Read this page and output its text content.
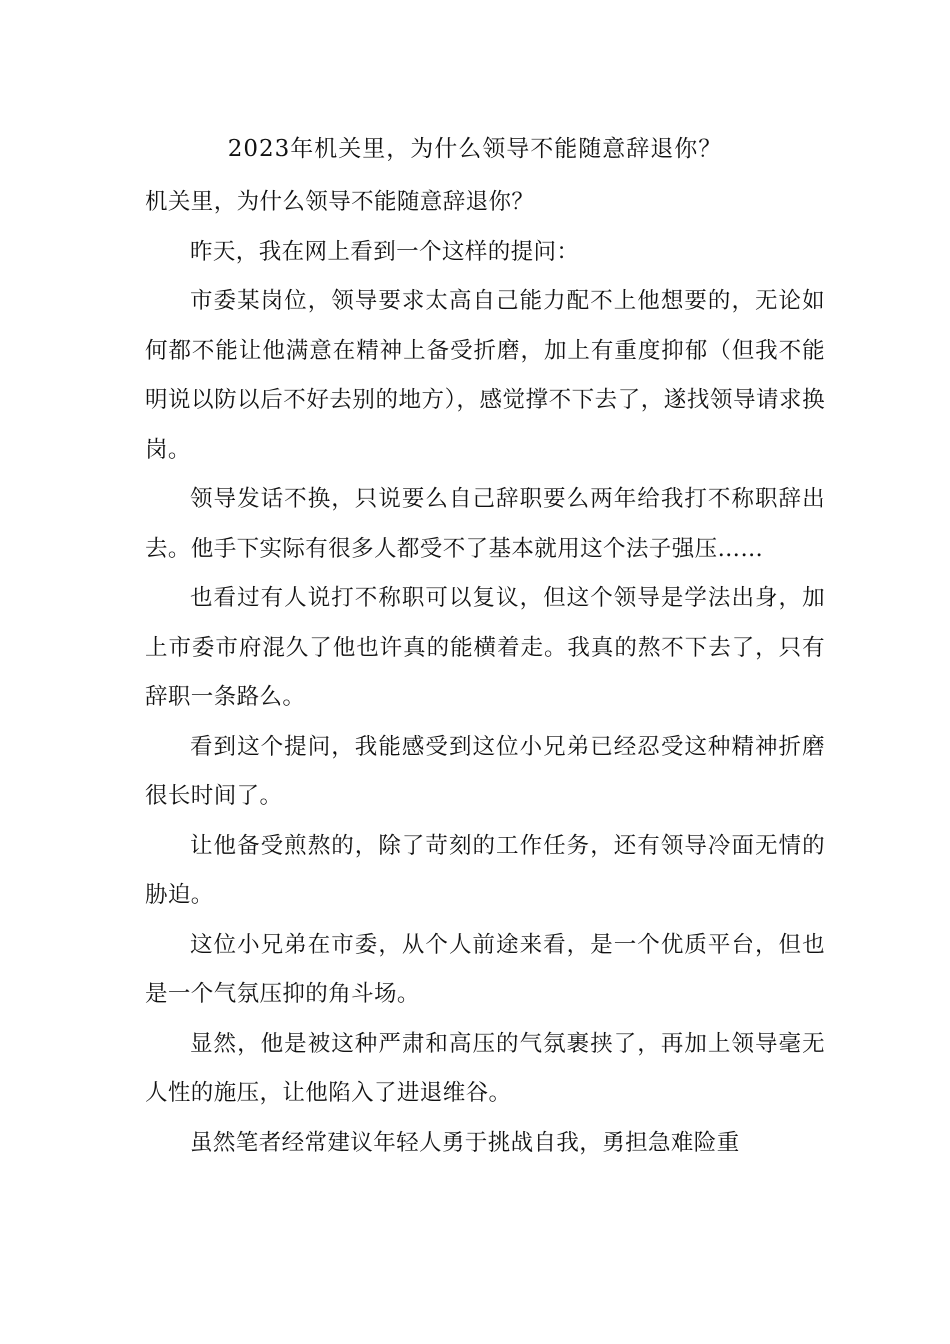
2023年机关里，为什么领导不能随意辞退你？

机关里，为什么领导不能随意辞退你？

昨天，我在网上看到一个这样的提问：

市委某岗位，领导要求太高自己能力配不上他想要的，无论如何都不能让他满意在精神上备受折磨，加上有重度抑郁（但我不能明说以防以后不好去别的地方），感觉撑不下去了，遂找领导请求换岗。

领导发话不换，只说要么自己辞职要么两年给我打不称职辞出去。他手下实际有很多人都受不了基本就用这个法子强压……

也看过有人说打不称职可以复议，但这个领导是学法出身，加上市委市府混久了他也许真的能横着走。我真的熬不下去了，只有辞职一条路么。

看到这个提问，我能感受到这位小兄弟已经忍受这种精神折磨很长时间了。

让他备受煎熬的，除了苛刻的工作任务，还有领导冷面无情的胁迫。

这位小兄弟在市委，从个人前途来看，是一个优质平台，但也是一个气氛压抑的角斗场。

显然，他是被这种严肃和高压的气氛裹挟了，再加上领导毫无人性的施压，让他陷入了进退维谷。

虽然笔者经常建议年轻人勇于挑战自我，勇担急难险重
